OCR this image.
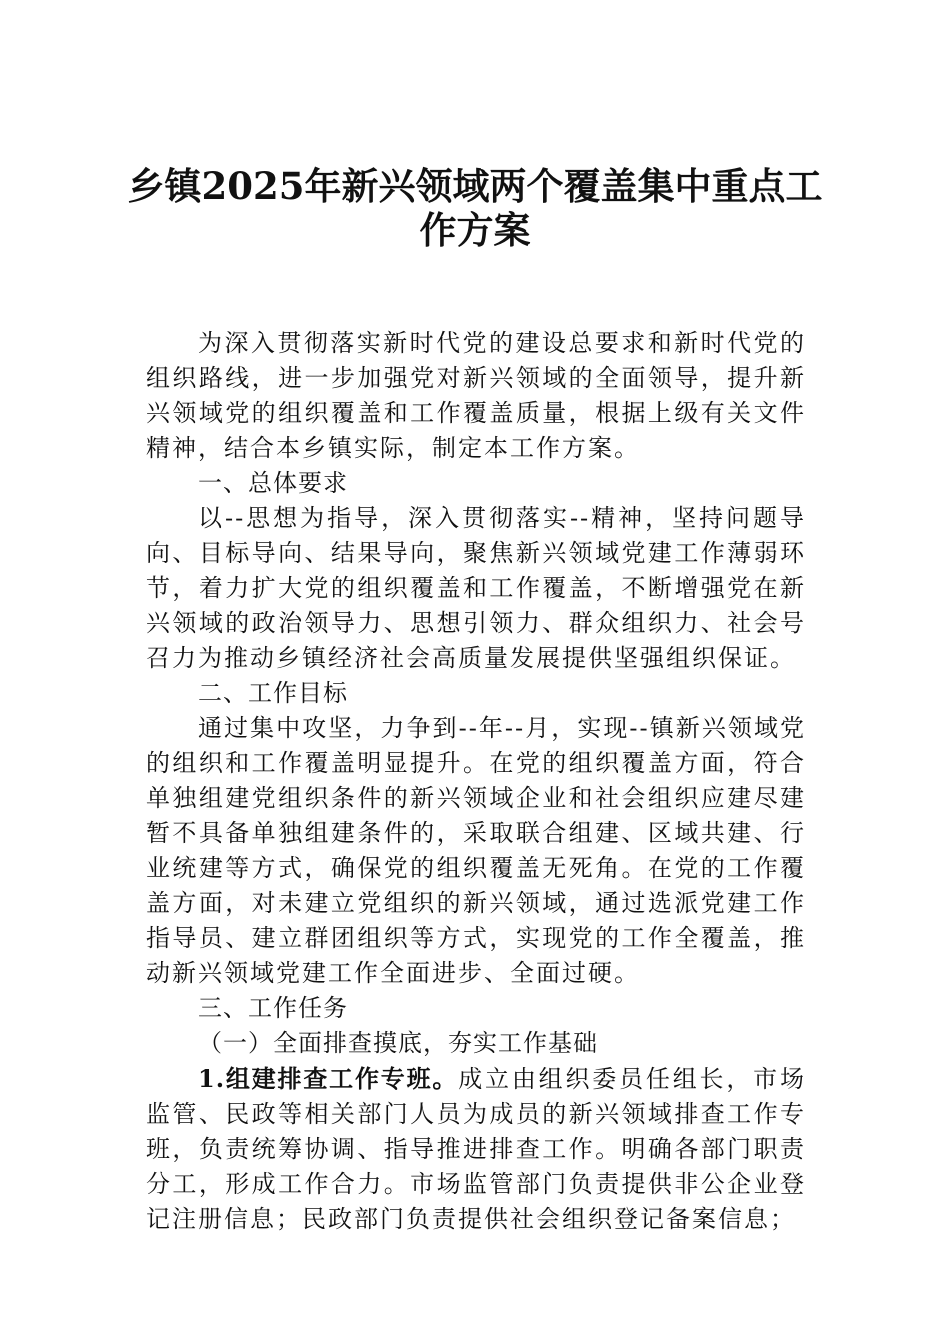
乡镇2025年新兴领域两个覆盖集中重点工
作方案

为深入贯彻落实新时代党的建设总要求和新时代党的组织路线，进一步加强党对新兴领域的全面领导，提升新兴领域党的组织覆盖和工作覆盖质量，根据上级有关文件精神，结合本乡镇实际，制定本工作方案。

一、总体要求

以--思想为指导，深入贯彻落实--精神，坚持问题导向、目标导向、结果导向，聚焦新兴领域党建工作薄弱环节，着力扩大党的组织覆盖和工作覆盖，不断增强党在新兴领域的政治领导力、思想引领力、群众组织力、社会号召力为推动乡镇经济社会高质量发展提供坚强组织保证。

二、工作目标

通过集中攻坚，力争到--年--月，实现--镇新兴领域党的组织和工作覆盖明显提升。在党的组织覆盖方面，符合单独组建党组织条件的新兴领域企业和社会组织应建尽建暂不具备单独组建条件的，采取联合组建、区域共建、行业统建等方式，确保党的组织覆盖无死角。在党的工作覆盖方面，对未建立党组织的新兴领域，通过选派党建工作指导员、建立群团组织等方式，实现党的工作全覆盖，推动新兴领域党建工作全面进步、全面过硬。

三、工作任务

（一）全面排查摸底，夯实工作基础

1.组建排查工作专班。成立由组织委员任组长，市场监管、民政等相关部门人员为成员的新兴领域排查工作专班，负责统筹协调、指导推进排查工作。明确各部门职责分工，形成工作合力。市场监管部门负责提供非公企业登记注册信息；民政部门负责提供社会组织登记备案信息；
